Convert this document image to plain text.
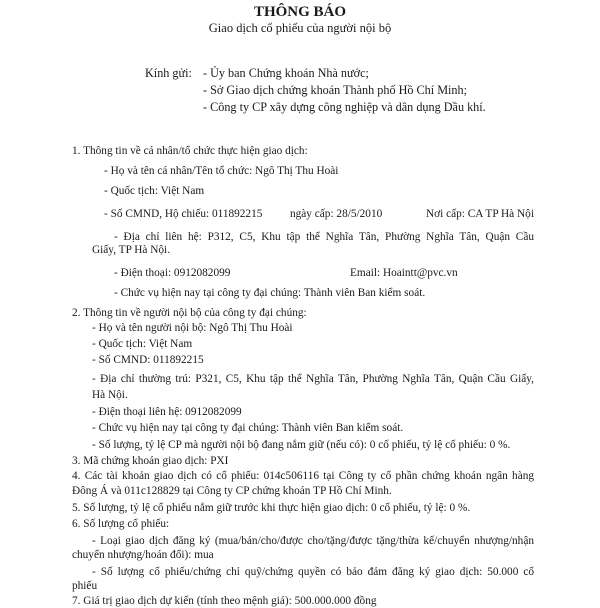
THÔNG BÁO
Giao dịch cổ phiếu của người nội bộ
Kính gửi: - Ủy ban Chứng khoán Nhà nước;
- Sở Giao dịch chứng khoán Thành phố Hồ Chí Minh;
- Công ty CP xây dựng công nghiệp và dân dụng Dầu khí.
1. Thông tin về cá nhân/tổ chức thực hiện giao dịch:
- Họ và tên cá nhân/Tên tổ chức: Ngô Thị Thu Hoài
- Quốc tịch: Việt Nam
- Số CMND, Hộ chiếu: 011892215 ngày cấp: 28/5/2010	Nơi cấp: CA TP Hà Nội
- Địa chỉ liên hệ: P312, C5, Khu tập thể Nghĩa Tân, Phường Nghĩa Tân, Quận Cầu
Giấy, TP Hà Nội.
- Điện thoại: 0912082099	Email: Hoaintt@pvc.vn
- Chức vụ hiện nay tại công ty đại chúng: Thành viên Ban kiểm soát.
2. Thông tin về người nội bộ của công ty đại chúng:
- Họ và tên người nội bộ: Ngô Thị Thu Hoài
- Quốc tịch: Việt Nam
- Số CMND: 011892215
- Địa chỉ thường trú: P321, C5, Khu tập thể Nghĩa Tân, Phường Nghĩa Tân, Quận Cầu Giấy,
Hà Nội.
- Điện thoại liên hệ: 0912082099
- Chức vụ hiện nay tại công ty đại chúng: Thành viên Ban kiểm soát.
- Số lượng, tỷ lệ CP mà người nội bộ đang nắm giữ (nếu có): 0 cổ phiếu, tỷ lệ cổ phiếu: 0 %.
3. Mã chứng khoán giao dịch: PXI
4. Các tài khoản giao dịch có cổ phiếu: 014c506116 tại Công ty cổ phần chứng khoán ngân hàng
Đông Á và 011c128829 tại Công ty CP chứng khoán TP Hồ Chí Minh.
5. Số lượng, tỷ lệ cổ phiếu nắm giữ trước khi thực hiện giao dịch: 0 cổ phiếu, tỷ lệ: 0 %.
6. Số lượng cổ phiếu:
- Loại giao dịch đăng ký (mua/bán/cho/được cho/tặng/được tặng/thừa kế/chuyển nhượng/nhận
chuyển nhượng/hoán đổi): mua
- Số lượng cổ phiếu/chứng chỉ quỹ/chứng quyền có bảo đảm đăng ký giao dịch: 50.000 cổ
phiếu
7. Giá trị giao dịch dự kiến (tính theo mệnh giá): 500.000.000 đồng
